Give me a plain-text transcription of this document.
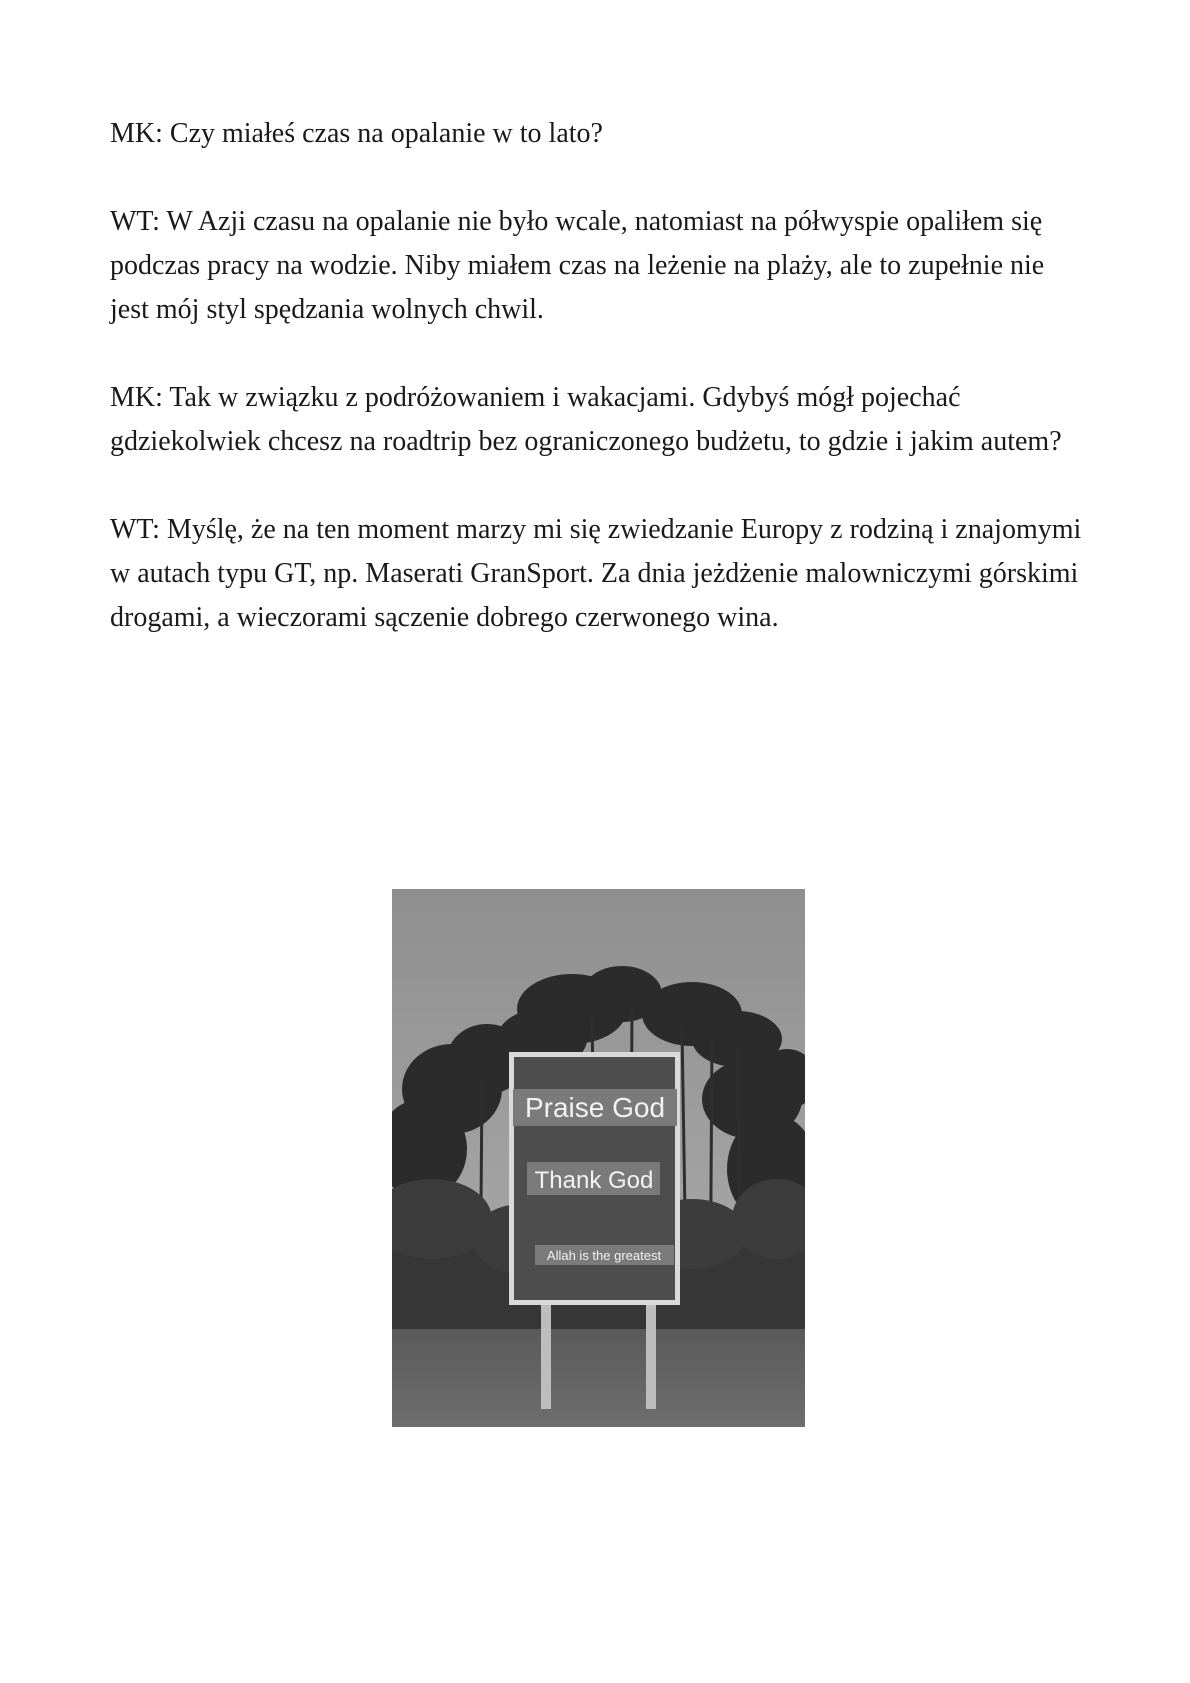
MK: Czy miałeś czas na opalanie w to lato?

WT: W Azji czasu na opalanie nie było wcale, natomiast na półwyspie opaliłem się podczas pracy na wodzie. Niby miałem czas na leżenie na plaży, ale to zupełnie nie jest mój styl spędzania wolnych chwil.

MK: Tak w związku z podróżowaniem i wakacjami. Gdybyś mógł pojechać gdziekolwiek chcesz na roadtrip bez ograniczonego budżetu, to gdzie i jakim autem?

WT: Myślę, że na ten moment marzy mi się zwiedzanie Europy z rodziną i znajomymi w autach typu GT, np. Maserati GranSport. Za dnia jeżdżenie malowniczymi górskimi drogami, a wieczorami sączenie dobrego czerwonego wina.

Praise God
Thank God
Allah is the greatest
